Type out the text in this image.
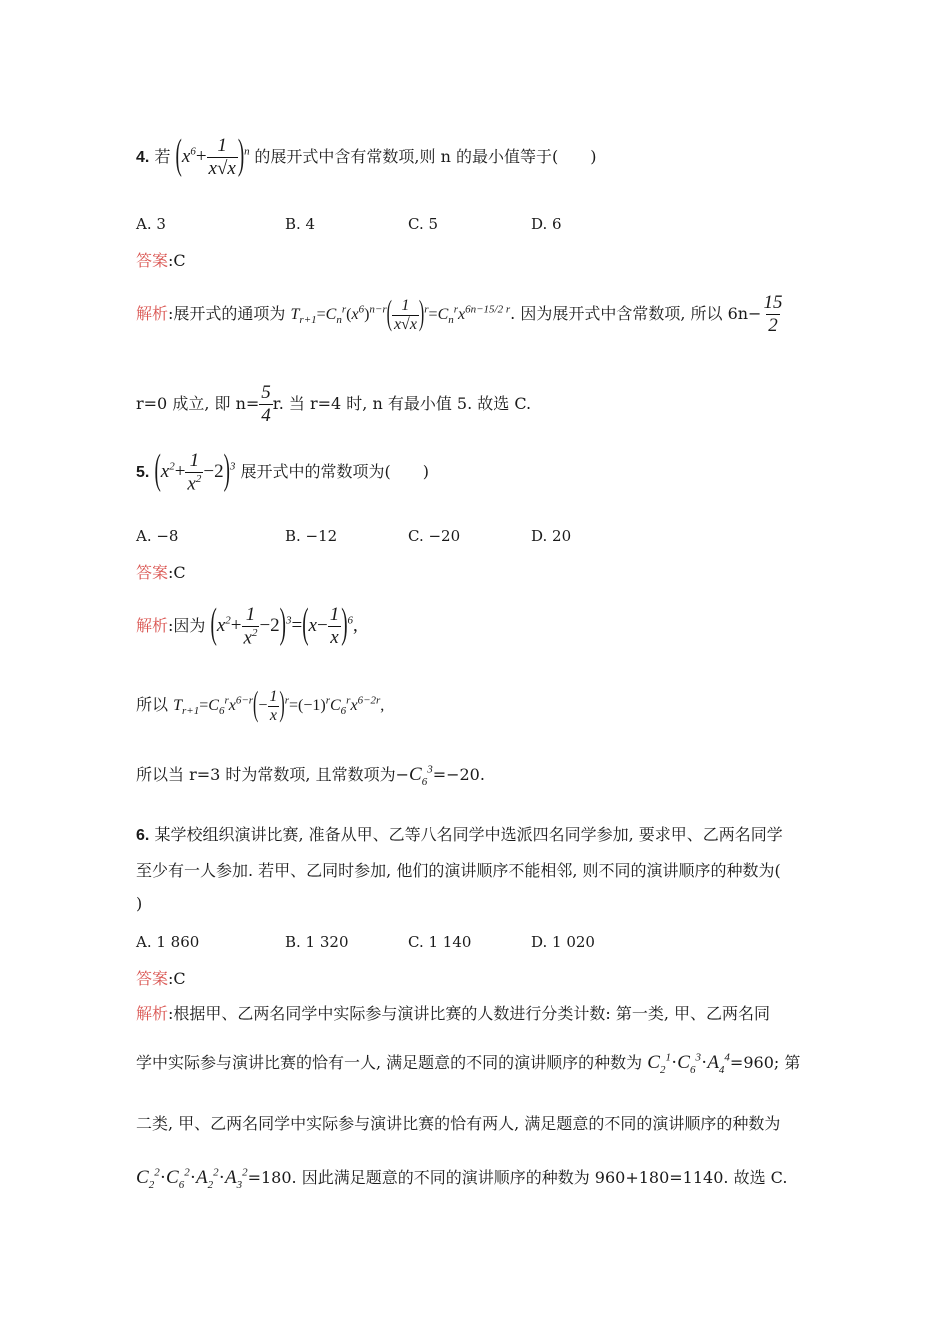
4. 若 $(x^6+ \frac{1}{x√x} )^n$ 的展开式中含有常数项,则 n 的最小值等于(　　)
A. 3	B. 4	C. 5	D. 6
答案:C
解析:展开式的通项为 $T_{r+1}=C_n^r(x^6)^{n-r}( \frac{1}{x√x} )^r=C_n^rx^{6n-15/2 r}$. 因为展开式中含常数项, 所以 $6n- \frac{15}{2}$
r=0 成立, 即 $n= \frac{5}{4} r$. 当 r=4 时, n 有最小值 5. 故选 C.
5. $(x^2+ \frac{1}{x^2} -2)^3$ 展开式中的常数项为(　　)
A. −8	B. −12	C. −20	D. 20
答案:C
解析:因为 $(x^2+ \frac{1}{x^2} -2)^3=(x- \frac{1}{x} )^6$,
所以 $T_{r+1}=C_6^rx^{6-r}(- \frac{1}{x} )^r=(-1)^rC_6^rx^{6-2r}$,
所以当 r=3 时为常数项, 且常数项为$-C_6^3=-20$.
6. 某学校组织演讲比赛, 准备从甲、乙等八名同学中选派四名同学参加, 要求甲、乙两名同学
至少有一人参加. 若甲、乙同时参加, 他们的演讲顺序不能相邻, 则不同的演讲顺序的种数为(
)
A. 1 860	B. 1 320	C. 1 140	D. 1 020
答案:C
解析:根据甲、乙两名同学中实际参与演讲比赛的人数进行分类计数: 第一类, 甲、乙两名同
学中实际参与演讲比赛的恰有一人, 满足题意的不同的演讲顺序的种数为 $C_2^1\cdot C_6^3\cdot A_4^4=960$; 第
二类, 甲、乙两名同学中实际参与演讲比赛的恰有两人, 满足题意的不同的演讲顺序的种数为
$C_2^2\cdot C_6^2\cdot A_2^2\cdot A_3^2=180$. 因此满足题意的不同的演讲顺序的种数为 960+180=1140. 故选 C.
